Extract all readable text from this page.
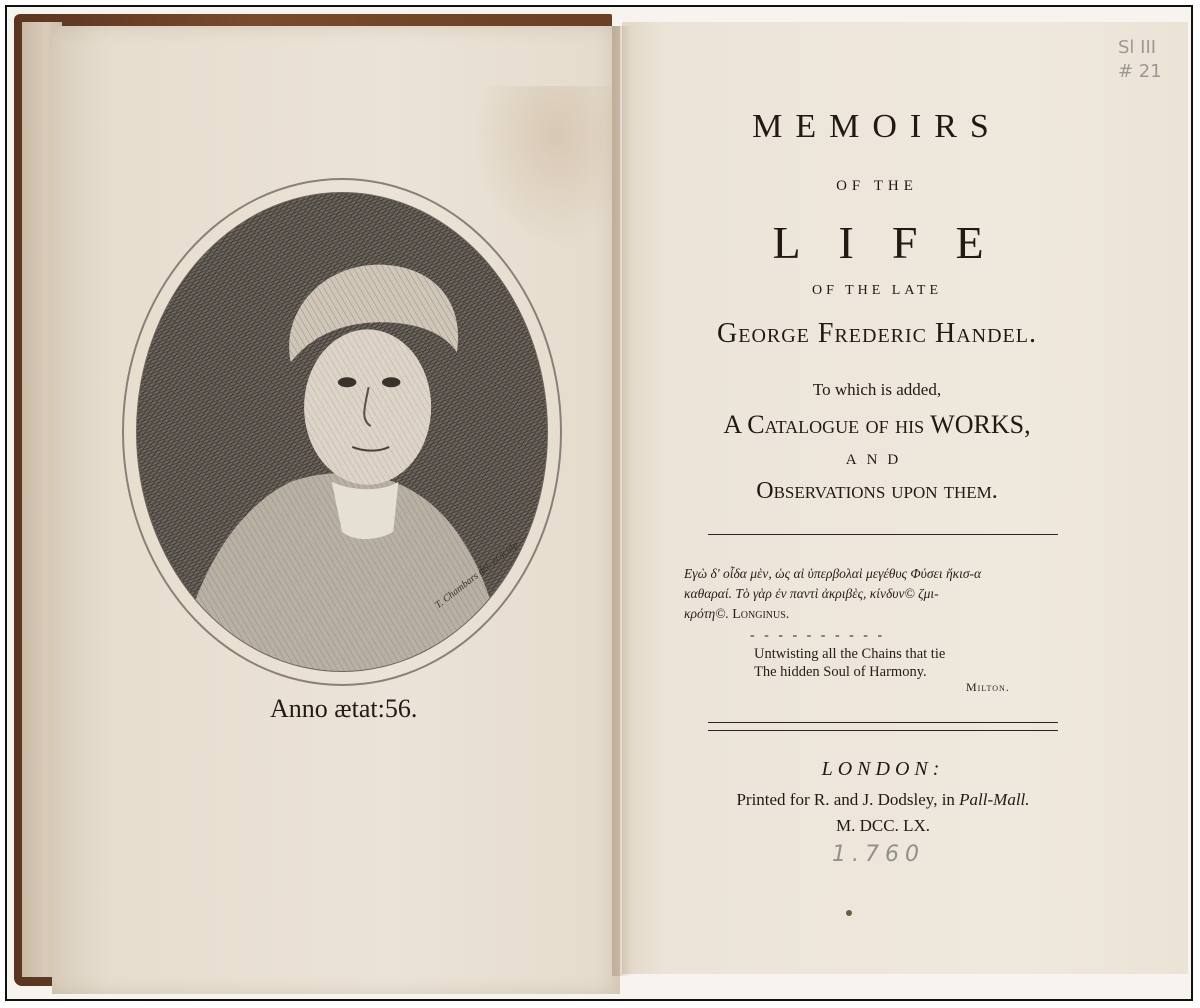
T. Chambars del. et sculp
Anno ætat:56.
Sl III
# 21
MEMOIRS
OF THE
LIFE
OF THE LATE
George Frederic Handel.
To which is added,
A Catalogue of his WORKS,
AND
Observations upon them.
Εγὼ δ' οἶδα μὲν, ὡς αἱ ὑπερβολαὶ μεγέθυς Φύσει ἥκισ-α
καθαραί. Τὸ γὰρ ἐν παντὶ ἀκριβὲς, κίνδυν© ζμι-
κρότη©. Longinus.
- - - - - - - - - -
Untwisting all the Chains that tie
The hidden Soul of Harmony.
Milton.
LONDON:
Printed for R. and J. Dodsley, in Pall-Mall.
M. DCC. LX.
1.760
